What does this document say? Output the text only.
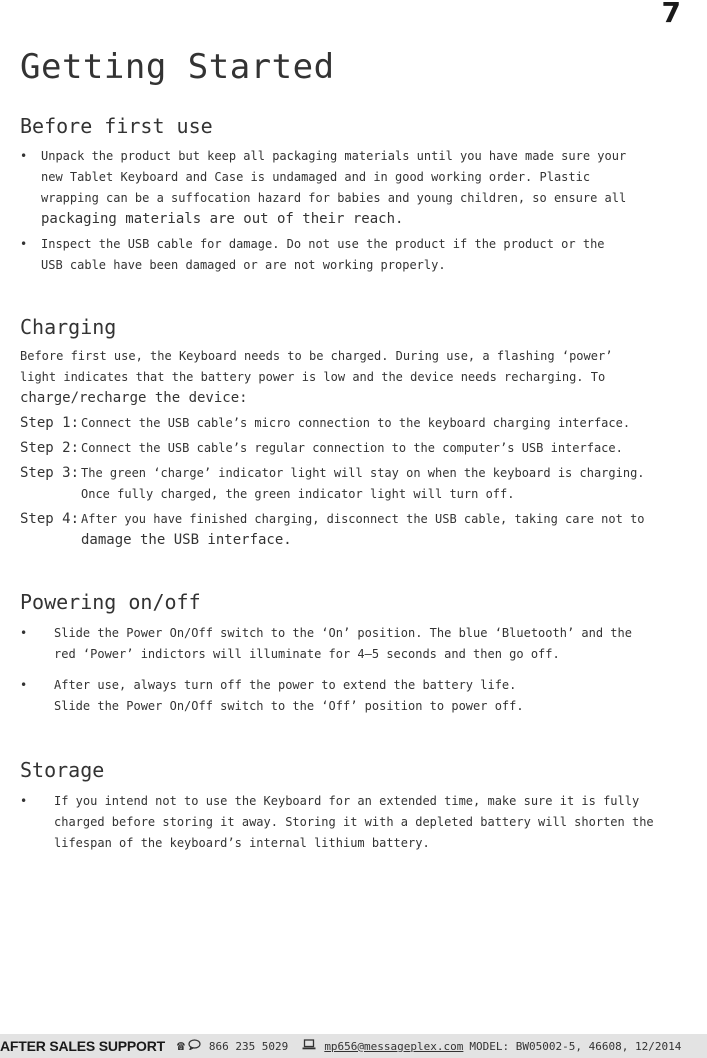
7
Getting Started
Before first use
• Unpack the product but keep all packaging materials until you have made sure your
new Tablet Keyboard and Case is undamaged and in good working order. Plastic
wrapping can be a suffocation hazard for babies and young children, so ensure all
packaging materials are out of their reach.
• Inspect the USB cable for damage. Do not use the product if the product or the
USB cable have been damaged or are not working properly.
Charging
Before first use, the Keyboard needs to be charged. During use, a flashing ‘power’
light indicates that the battery power is low and the device needs recharging. To
charge/recharge the device:
Step 1: Connect the USB cable’s micro connection to the keyboard charging interface.
Step 2: Connect the USB cable’s regular connection to the computer’s USB interface.
Step 3: The green ‘charge’ indicator light will stay on when the keyboard is charging.
Once fully charged, the green indicator light will turn off.
Step 4: After you have finished charging, disconnect the USB cable, taking care not to
damage the USB interface.
Powering on/off
• Slide the Power On/Off switch to the ‘On’ position. The blue ‘Bluetooth’ and the
red ‘Power’ indictors will illuminate for 4–5 seconds and then go off.
• After use, always turn off the power to extend the battery life.
Slide the Power On/Off switch to the ‘Off’ position to power off.
Storage
• If you intend not to use the Keyboard for an extended time, make sure it is fully
charged before storing it away. Storing it with a depleted battery will shorten the
lifespan of the keyboard’s internal lithium battery.
AFTER SALES SUPPORT ☎ 866 235 5029	mp656@messageplex.com MODEL: BW05002-5, 46608, 12/2014
